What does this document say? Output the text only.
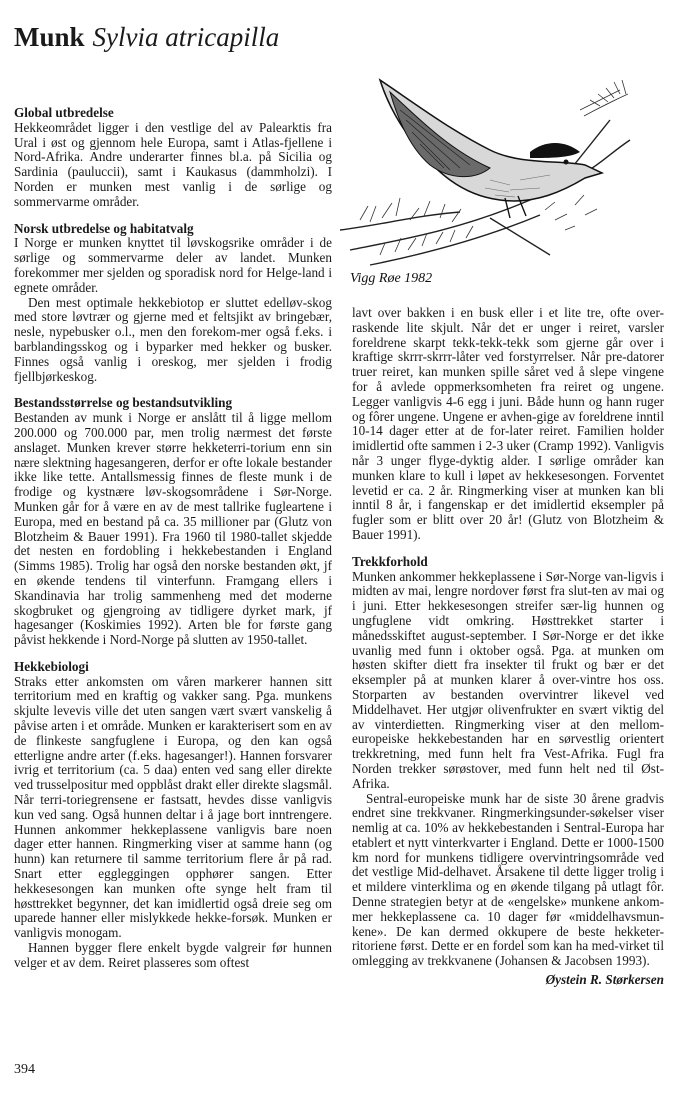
Munk Sylvia atricapilla
Vigg Røe 1982

Global utbredelse

Hekkeområdet ligger i den vestlige del av Palearktis fra Ural i øst og gjennom hele Europa, samt i Atlas-fjellene i Nord-Afrika. Andre underarter finnes bl.a. på Sicilia og Sardinia (pauluccii), samt i Kaukasus (dammholzi). I Norden er munken mest vanlig i de sørlige og sommervarme områder.

Norsk utbredelse og habitatvalg

I Norge er munken knyttet til løvskogsrike områder i de sørlige og sommervarme deler av landet. Munken forekommer mer sjelden og sporadisk nord for Helge-land i egnete områder.

Den mest optimale hekkebiotop er sluttet edelløv-skog med store løvtrær og gjerne med et feltsjikt av bringebær, nesle, nypebusker o.l., men den forekom-mer også f.eks. i barblandingsskog og i byparker med hekker og busker. Finnes også vanlig i oreskog, mer sjelden i frodig fjellbjørkeskog.

Bestandsstørrelse og bestandsutvikling

Bestanden av munk i Norge er anslått til å ligge mellom 200.000 og 700.000 par, men trolig nærmest det første anslaget. Munken krever større hekketerri-torium enn sin nære slektning hagesangeren, derfor er ofte lokale bestander ikke like tette. Antallsmessig finnes de fleste munk i de frodige og kystnære løv-skogsområdene i Sør-Norge. Munken går for å være en av de mest tallrike fugleartene i Europa, med en bestand på ca. 35 millioner par (Glutz von Blotzheim & Bauer 1991). Fra 1960 til 1980-tallet skjedde det nesten en fordobling i hekkebestanden i England (Simms 1985). Trolig har også den norske bestanden økt, jf en økende tendens til vinterfunn. Framgang ellers i Skandinavia har trolig sammenheng med det moderne skogbruket og gjengroing av tidligere dyrket mark, jf hagesanger (Koskimies 1992). Arten ble for første gang påvist hekkende i Nord-Norge på slutten av 1950-tallet.

Hekkebiologi

Straks etter ankomsten om våren markerer hannen sitt territorium med en kraftig og vakker sang. Pga. munkens skjulte levevis ville det uten sangen vært svært vanskelig å påvise arten i et område. Munken er karakterisert som en av de flinkeste sangfuglene i Europa, og den kan også etterligne andre arter (f.eks. hagesanger!). Hannen forsvarer ivrig et territorium (ca. 5 daa) enten ved sang eller direkte ved trusselpositur med oppblåst drakt eller direkte slagsmål. Når terri-toriegrensene er fastsatt, hevdes disse vanligvis kun ved sang. Også hunnen deltar i å jage bort inntrengere. Hunnen ankommer hekkeplassene vanligvis bare noen dager etter hannen. Ringmerking viser at samme hann (og hunn) kan returnere til samme territorium flere år på rad. Snart etter eggleggingen opphører sangen. Etter hekkesesongen kan munken ofte synge helt fram til høsttrekket begynner, det kan imidlertid også dreie seg om uparede hanner eller mislykkede hekke-forsøk. Munken er vanligvis monogam.

Hannen bygger flere enkelt bygde valgreir før hunnen velger et av dem. Reiret plasseres som oftest

lavt over bakken i en busk eller i et lite tre, ofte over-raskende lite skjult. Når det er unger i reiret, varsler foreldrene skarpt tekk-tekk-tekk som gjerne går over i kraftige skrrr-skrrr-låter ved forstyrrelser. Når pre-datorer truer reiret, kan munken spille såret ved å slepe vingene for å avlede oppmerksomheten fra reiret og ungene. Legger vanligvis 4-6 egg i juni. Både hunn og hann ruger og fôrer ungene. Ungene er avhen-gige av foreldrene inntil 10-14 dager etter at de for-later reiret. Familien holder imidlertid ofte sammen i 2-3 uker (Cramp 1992). Vanligvis når 3 unger flyge-dyktig alder. I sørlige områder kan munken klare to kull i løpet av hekkesesongen. Forventet levetid er ca. 2 år. Ringmerking viser at munken kan bli inntil 8 år, i fangenskap er det imidlertid eksempler på fugler som er blitt over 20 år! (Glutz von Blotzheim & Bauer 1991).

Trekkforhold

Munken ankommer hekkeplassene i Sør-Norge van-ligvis i midten av mai, lengre nordover først fra slut-ten av mai og i juni. Etter hekkesesongen streifer sær-lig hunnen og ungfuglene vidt omkring. Høsttrekket starter i månedsskiftet august-september. I Sør-Norge er det ikke uvanlig med funn i oktober også. Pga. at munken om høsten skifter diett fra insekter til frukt og bær er det eksempler på at munken klarer å over-vintre hos oss. Storparten av bestanden overvintrer likevel ved Middelhavet. Her utgjør olivenfrukter en svært viktig del av vinterdietten. Ringmerking viser at den mellom-europeiske hekkebestanden har en sørvestlig orientert trekkretning, med funn helt fra Vest-Afrika. Fugl fra Norden trekker sørøstover, med funn helt ned til Øst-Afrika.

Sentral-europeiske munk har de siste 30 årene gradvis endret sine trekkvaner. Ringmerkingsunder-søkelser viser nemlig at ca. 10% av hekkebestanden i Sentral-Europa har etablert et nytt vinterkvarter i England. Dette er 1000-1500 km nord for munkens tidligere overvintringsområde ved det vestlige Mid-delhavet. Årsakene til dette ligger trolig i et mildere vinterklima og en økende tilgang på utlagt fôr. Denne strategien betyr at de «engelske» munkene ankom-mer hekkeplassene ca. 10 dager før «middelhavsmun-kene». De kan dermed okkupere de beste hekketer-ritoriene først. Dette er en fordel som kan ha med-virket til omlegging av trekkvanene (Johansen & Jacobsen 1993).

Øystein R. Størkersen

394
